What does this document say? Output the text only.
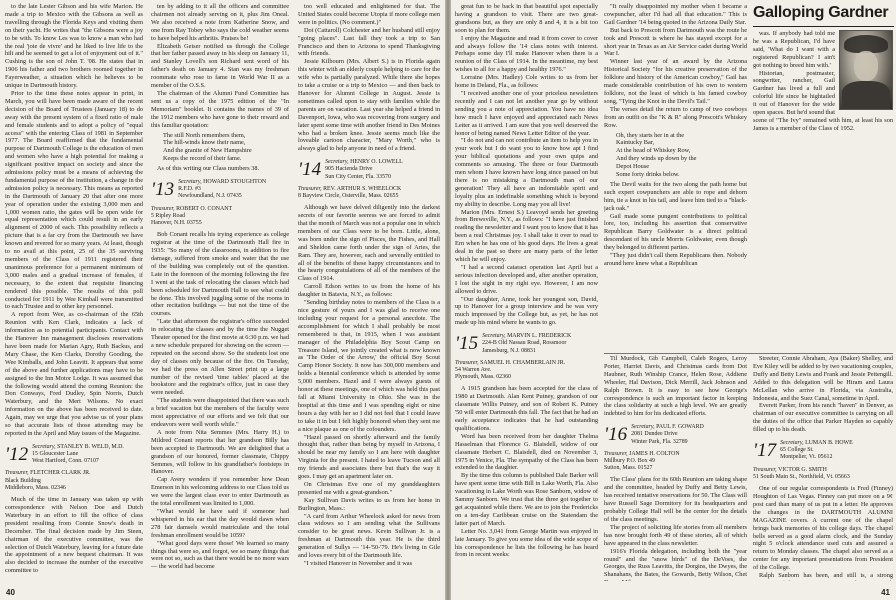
to the late Lester Gibson and his wife Marion. He made a trip to Mexico with the Gibsons as well as travelling through the Florida Keys and visiting them on their yacht. He writes that "the Gibsons were a joy to be with. To know Les was to know a man who had the real 'joie de vivre' and he liked to live life to the hilt and he seemed to get a lot of enjoyment out of it." Cushing is the son of John T. '08. He states that in 1906 his father and two brothers roomed together in Fayerweather, a situation which he believes to be unique in Dartmouth history.

Prior to the time these notes appear in print, in March, you will have been made aware of the recent decision of the Board of Trustees (January 18) to do away with the present system of a fixed ratio of male and female students and to adopt a policy of "equal access" with the entering Class of 1981 in September 1977. The Board reaffirmed that the fundamental purpose of Dartmouth College is the education of men and women who have a high potential for making a significant positive impact on society and since the admissions policy must be a means of achieving the fundamental purpose of the institution, a change in the admission policy is necessary. This means as reported in the Dartmouth of January 20 that after one more year of operation under the existing 3,000 men and 1,000 women ratio, the gates will be open wide for equal representation which could result in an early alignment of 2000 of each. This possibility reflects a picture that is a far cry from the Dartmouth we have known and revered for so many years. At least, though to no avail at this point, 25 of the 35 surviving members of the Class of 1911 registered their unanimous preference for a permanent minimum of 3,000 males and a gradual increase of females, if necessary, to the extent that requisite financing rendered this possible. The results of this poll conducted for 1911 by Wee Kimball were transmitted to each Trustee and to other key personnel.

A report from Wee, as co-chairman of the 65th Reunion with Ken Clark, indicates a lack of information as to potential participants. Contact with the Hanover Inn management discloses reservations have been made for Marian Agry, Ruth Backus, and Mary Chase, the Ken Clarks, Dorothy Gooding, the Wee Kimballs, and John Leavitt. It appears that some of the above and further applications may have to be assigned to the Inn Motor Lodge. It was assumed that the following would attend the coming Reunion: the Don Conways, Fred Dudley, Spin Norris, Dutch Waterbury, and the Mert Wilsons. No exact information on the above has been received to date. Again, may we urge that you advise us of your plans so that accurate lists of those attending may be reported in the April and May issues of the Magazine.

'12 Secretary, STANLEY B. WELD, M.D.
15 Gloucester Lane
West Hartford, Conn. 07107
Treasurer, FLETCHER CLARK JR.
Black Building
Middleboro, Mass. 02346

Much of the time in January was taken up with correspondence with Nelson Doe and Dutch Waterbury in an effort to fill the office of class president resulting from Connie Snow's death in December. The final decision made by Jim Steen, chairman of the executive committee, was the selection of Dutch Waterbury, leaving for a future date the appointment of a new bequest chairman. It was also decided to increase the number of the executive committee to

ten by adding to it all the officers and committee chairmen not already serving on it, plus Jim Oneal. We also received a note from Katherine Snow, and one from Ray Tobey who says the cold weather seems to have helped his arthritis. Praises be!

Elizabeth Geiser notified us through the College that her father passed away in his sleep on January 11, and Stanley Lovell's son Richard sent word of his father's death on January 4. Stan was my freshman roommate who rose to fame in World War II as a member of the O.S.S.

The chairman of the Alumni Fund Committee has sent us a copy of the 1975 edition of the "In Memoriam" booklet. It contains the names of 39 of the 1912 members who have gone to their reward and this familiar quotation:

The still North remembers them,
The hill-winds know their name,
And the granite of New Hampshire
Keeps the record of their fame.

As of this writing our Class numbers 38.

'13 Secretary, HOWARD STOUGHTON
R.F.D. #3
Newfoundland, N.J. 07435
Treasurer, ROBERT O. CONANT
5 Ripley Road
Hanover, N.H. 03755

Bob Conant recalls his trying experience as college registrar at the time of the Dartmouth Hall fire in 1935: "So many of the classrooms, in addition to fire damage, suffered from smoke and water that the use of the building was completely out of the question. Late in the forenoon of the morning following the fire I went at the task of relocating the classes which had been scheduled for Dartmouth Hall to see what could be done. This involved juggling some of the rooms in other recitation buildings — but not the time of the courses.

"Late that afternoon the registrar's office succeeded in relocating the classes and by the time the Nugget Theater opened for the first movie at 6:30 p.m. we had a new schedule prepared for showing on the screen — repeated on the second show. So the students lost one day of classes only because of the fire. On Tuesday, we had the press on Allen Street print up a large number of the revised 'time tables' placed at the bookstore and the registrar's office, just in case they were needed.

"The students were disappointed that there was such a brief vacation but the members of the faculty were most appreciative of our efforts and we felt that our endeavors were well worth while."

A note from Nita Semmes (Mrs. Harry H.) to Mildred Conant reports that her grandson Billy has been accepted to Dartmouth. We are delighted that a grandson of our honored, former classmate, Chippy Semmes, will follow in his grandfather's footsteps in Hanover.

Cap Avery wonders if you remember how Dean Emerson in his welcoming address to our Class told us we were the largest class ever to enter Dartmouth as the total enrollment was limited to 1,000.

"What would he have said if someone had whispered in his ear that the day would dawn when 278 fair damsels would matriculate and the total freshman enrollment would be 1059?

"What good days were those! We learned so many things that were so, and forgot, we so many things that were not so, such as that there would be no more wars — the world had become

too well educated and enlightened for that. The United States could become Utopia if more college men were in politics. (No comment.)"

Dot (Cattaroll) Colchester and her husband still enjoy "going places". Last fall they took a trip to San Francisco and then to Arizona to spend Thanksgiving with friends.

Jessie Kilbourn (Mrs. Albert S.) is in Florida again this winter with an elderly couple helping to care for the wife who is partially paralyzed. While there she hopes to take a cruise or a trip to Mexico — and then back to Hanover for Alumni College in August. Jessie is sometimes called upon to stay with families while the parents are on vacation. Last year she helped a friend in Davenport, Iowa, who was recovering from surgery and later spent some time with another friend in Des Moines who had a broken knee. Jessie seems much like the loveable cartoon character, "Mary Worth," who is always glad to help anyone in need of a friend.

'14 Secretary, HENRY O. LOWELL
905 Hacienda Drive
Sun City Center, Fla. 33570
Treasurer, REV. ARTHUR S. WHEELOCK
8 Bayview Circle, Osterville, Mass. 02655

Although we have delved diligently into the darkest secrets of our favorite seeress we are forced to admit that the month of March was not a popular one in which members of our Class were to be born. Little, alone, was born under the sign of Pisces, the Fishes, and Hall and Sheldon came forth under the sign of Aries, the Ram. They are, however, each and severally entitled to all of the benefits of these happy circumstances and to the hearty congratulations of all of the members of the Class of 1914.

Carroll Edson writes to us from the home of his daughter in Batavia, N.Y., as follows:

"Sending birthday notes to members of the Class is a nice gesture of yours and I was glad to receive one including your request for a personal anecdote. The accomplishment for which I shall probably be most remembered is that, in 1915, when I was assistant manager of the Philadelphia Boy Scout Camp on Treasure Island, we jointly created what is now known as 'The Order of the Arrow,' the official Boy Scout Camp Honor Society. It now has 300,000 members and holds a biennial conference which is attended by some 5,000 members. Hazel and I were always guests of honor at these meetings, one of which was held this past fall at Miami University in Ohio. She was in the hospital at this time and I was spending eight or nine hours a day with her so I did not feel that I could leave to take it in but I felt highly honored when they sent me a nice plaque as one of the cofounders.

"Hazel passed on shortly afterward and the family thought that, rather than being by myself in Arizona, I should be near my family so I am here with daughter Virginia for the present. I hated to leave Tucson and all my friends and associates there but that's the way it goes. I may get an apartment later on.

On Christmas Eve one of my granddaughters presented me with a great-grandson."

Kay Sullivan Davis writes to us from her home in Burlington, Mass.:

"A card from Arthur Wheelock asked for news from class widows so I am sending what the Sullivans consider to be great news. Kevin Sullivan Jr. is a freshman at Dartmouth this year. He is the third generation of Sullys — '14-'50-'79. He's living in Gile and loves every bit of the Dartmouth life.

"I visited Hanover in November and it was

40

great fun to be back in that beautiful spot especially having a grandson to visit. There are two great-grandsons but, as they are only 8 and 4, it is a bit too soon to plan for them.

I enjoy the Magazine and read it from cover to cover and always follow the '14 class notes with interest. Perhaps some day I'll make Hanover when there is a reunion of the Class of 1914. In the meantime, my best wishes to all for a happy and healthy 1976."

Lorraine (Mrs. Hadley) Cole writes to us from her home in Deland, Fla., as follows:

"I received another one of your priceless newsletters recently and I can not let another year go by without sending you a note of appreciation. You have no idea how much I have enjoyed and appreciated each News Letter as it arrived. I am sure that you well deserved the honor of being named News Letter Editor of the year.

"I do not and can not contribute an item to help you in your work but I do want you to know how apt I find your biblical quotations and your own quips and comments so amusing. The three or four Dartmouth men whom I have known have long since passed on but there is no mistaking a Dartmouth man of our generation! They all have an indomitable spirit and loyalty plus an indefinable something which is beyond my ability to describe. Long may you all live!

Marion (Mrs. Ernest S.) Leavoyd sends her greeting from Brewsville, N.Y., as follows: "I have just finished reading the newsletter and I want you to know that it has been a real Christmas joy. I shall take it over to read to Ern when he has one of his good days. He lives a great deal in the past so there are many parts of the letter which he will enjoy.

"I had a second cataract operation last April but a serious infection developed and, after another operation, I lost the sight in my right eye. However, I am now allowed to drive.

"Our daughter, Anne, took her youngest son, David, up to Hanover for a group interview and he was very much impressed by the College but, as yet, he has not made up his mind where he wants to go.

'15 Secretary, MARVIN L. FREDERICK
224-B Old Nassau Road, Rossmoor
Jamesburg, N.J. 08831
Treasurer, SAMUEL H. CHAMBERLAIN JR.
54 Warren Ave.
Plymouth, Mass. 02360

A 1915 grandson has been accepted for the class of 1980 at Dartmouth. Alan Kent Putney, grandson of our classmate Willis Putney, and son of Robert K. Putney '50 will enter Dartmouth this fall. The fact that he had an early acceptance indicates that he had outstanding qualifications.

Word has been received from her daughter Thelma Hasselman that Florence G. Blaisdell, widow of our classmate Herbert C. Blaisdell, died on November 3, 1975 in Venice, Fla. The sympathy of the Class has been extended to the daughter.

By the time this column is published Dale Barker will have spent some time with Bill in Lake Worth, Fla. Also vacationing in Lake Worth was Rose Sanborn, widow of Sammy Sanborn. We trust that the three got together to get acquainted while there. We are to join the Fredericks on a ten-day Caribbean cruise on the Statendam the latter part of March.

Letter No. 3,041 from George Martin was enjoyed in late January. To give you some idea of the wide scope of his correspondence he lists the following he has heard from in recent weeks:

Til Murdock, Gib Campbell, Caleb Rogers, Leroy Porter, Harriet Davis, and Christmas cards from Dot Haubner, Ruth Winship Crance, Helen Rose, Addiene Wheeler, Hal Davison, Dick Merrill, Jack Johnson and Ralph Brown. It is easy to see how George's correspondence is such an important factor in keeping the class solidarity at such a high level. We are greatly indebted to him for his dedicated efforts.

'16 Secretary, PAUL F. GOWARD
2081 Dundee Drive
Winter Park, Fla. 32789
Treasurer, JAMES H. COLTON
Millbury P.O. Box 49
Sutton, Mass. 01527

The Class' plans for its 60th Reunion are taking shape and the committee, headed by Duffy and Betty Lewis, has received tentative reservations for 50. The Class will have Russell Sage Dormitory for its headquarters and probably College Hall will be the center for the details of the class meetings.

The project of soliciting life stories from all members has now brought forth 49 of these stories, all of which have appeared in the class newsletter.

1916's Florida delegation, including both the "year round" and the "snow birds" of the DeVoes, the Georges, the Russ Leavitts, the Dorgins, the Dwyes, the Shanahans, the Bates, the Gowards, Betty Wilson, Chet

"It really disappointed my mother when I became a cowpuncher, after I'd had all that education." This is Gail Gardner '14 being quoted in the Arizona Daily Star.

But back to Prescott from Dartmouth was the route he took and Prescott is where he has stayed except for a short year in Texas as an Air Service cadet during World War I.

Winner last year of an award by the Arizona Historical Society "for his creative preservation of the folklore and history of the American cowboy," Gail has made considerable contribution of his own to western folklore, not the least of which is his famed cowboy song, "Tying the Knot in the Devil's Tail."

The verses detail the return to camp of two cowboys from an outfit on the "K & R" along Prescott's Whiskey Row.

Oh, they starts her in at the
Kaintucky Bar,
At the head of Whiskey Row,
And they winds up down by the
Depot House
Some forty drinks below.

The Devil waits for the two along the path home but such expert cowpunchers are able to rope and dehorn him, tie a knot in his tail, and leave him tied to a "black-jack oak."

Gail made some pungent contributions to political lore, too, including his assertion that conservative Republican Barry Goldwater is a direct political descendant of his uncle Morris Goldwater, even though they belonged to different parties.

"They just didn't call them Republicans then. Nobody around here knew what a Republican

Galloping Gardner

was. If anybody had told me he was a Republican, I'd have said, 'What do I want with a registered Republican? I ain't got nothing to breed him with.'

Historian, postmaster, songwriter, rancher, Gail Gardner has lived a full and colorful life since he hightailed it out of Hanover for the wide open spaces. But he'd sound that scene of "The Ivy" remained with him, at least his son James is a member of the Class of 1952.

Streeter, Connie Abraham, Aya (Baker) Shelley, and Eve Kiley will be added to by two vacationing couples, Duffy and Betty Lewis and Frank and Jessie Pettengill. Added to this delegation will be Hiram and Laura McLellan who arrive in Florida, via Australia, Indonesia, and the Suez Canal, sometime in April.

Everett Parker, from his ranch "haven" in Denver, as chairman of our executive committee is carrying on all the duties of the office that Parker Hayden so capably filled up to his death.

'17 Secretary, LUMAN B. HOWE
65 College St.
Montpelier, Vt. 05612
Treasurer, VICTOR G. SMITH
51 South Main St., Northfield, Vt. 05663

One of our regular correspondents is Fred (Finney) Houghton of Las Vegas. Finney can put more on a 9¢ post card than many of us put in a letter. He approves the changes in the DARTMOUTH ALUMNI MAGAZINE covers. A current one of the chapel brings back memories of his college days. The chapel bells served as a good alarm clock, and the Sunday night 5 o'clock attendance used cuts and assured a return to Monday classes. The chapel also served as a center for any important presentations from President of the College.

Ralph Sanborn has been, and still is, a strong

41
